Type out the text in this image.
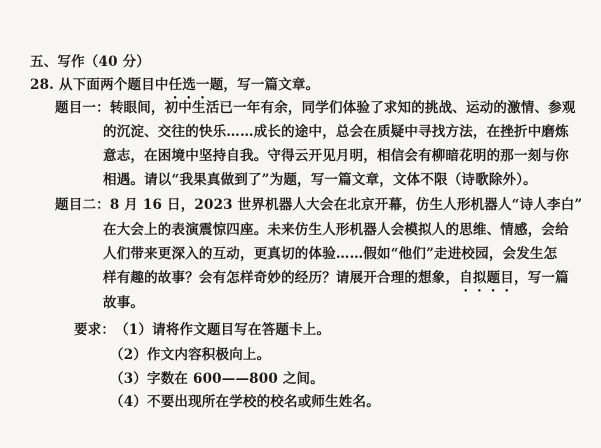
五、写作（40 分）
28. 从下面两个题目中任选一题，写一篇文章。
题目一：转眼间，初中生活已一年有余，同学们体验了求知的挑战、运动的激情、参观
的沉淀、交往的快乐……成长的途中，总会在质疑中寻找方法，在挫折中磨炼
意志，在困境中坚持自我。守得云开见月明，相信会有柳暗花明的那一刻与你
相遇。请以“我果真做到了”为题，写一篇文章，文体不限（诗歌除外）。
题目二：8 月 16 日，2023 世界机器人大会在北京开幕，仿生人形机器人“诗人李白”
在大会上的表演震惊四座。未来仿生人形机器人会模拟人的思维、情感，会给
人们带来更深入的互动，更真切的体验……假如“他们”走进校园，会发生怎
样有趣的故事？会有怎样奇妙的经历？请展开合理的想象，自拟题目，写一篇
故事。
要求：（1）请将作文题目写在答题卡上。
（2）作文内容积极向上。
（3）字数在 600——800 之间。
（4）不要出现所在学校的校名或师生姓名。
